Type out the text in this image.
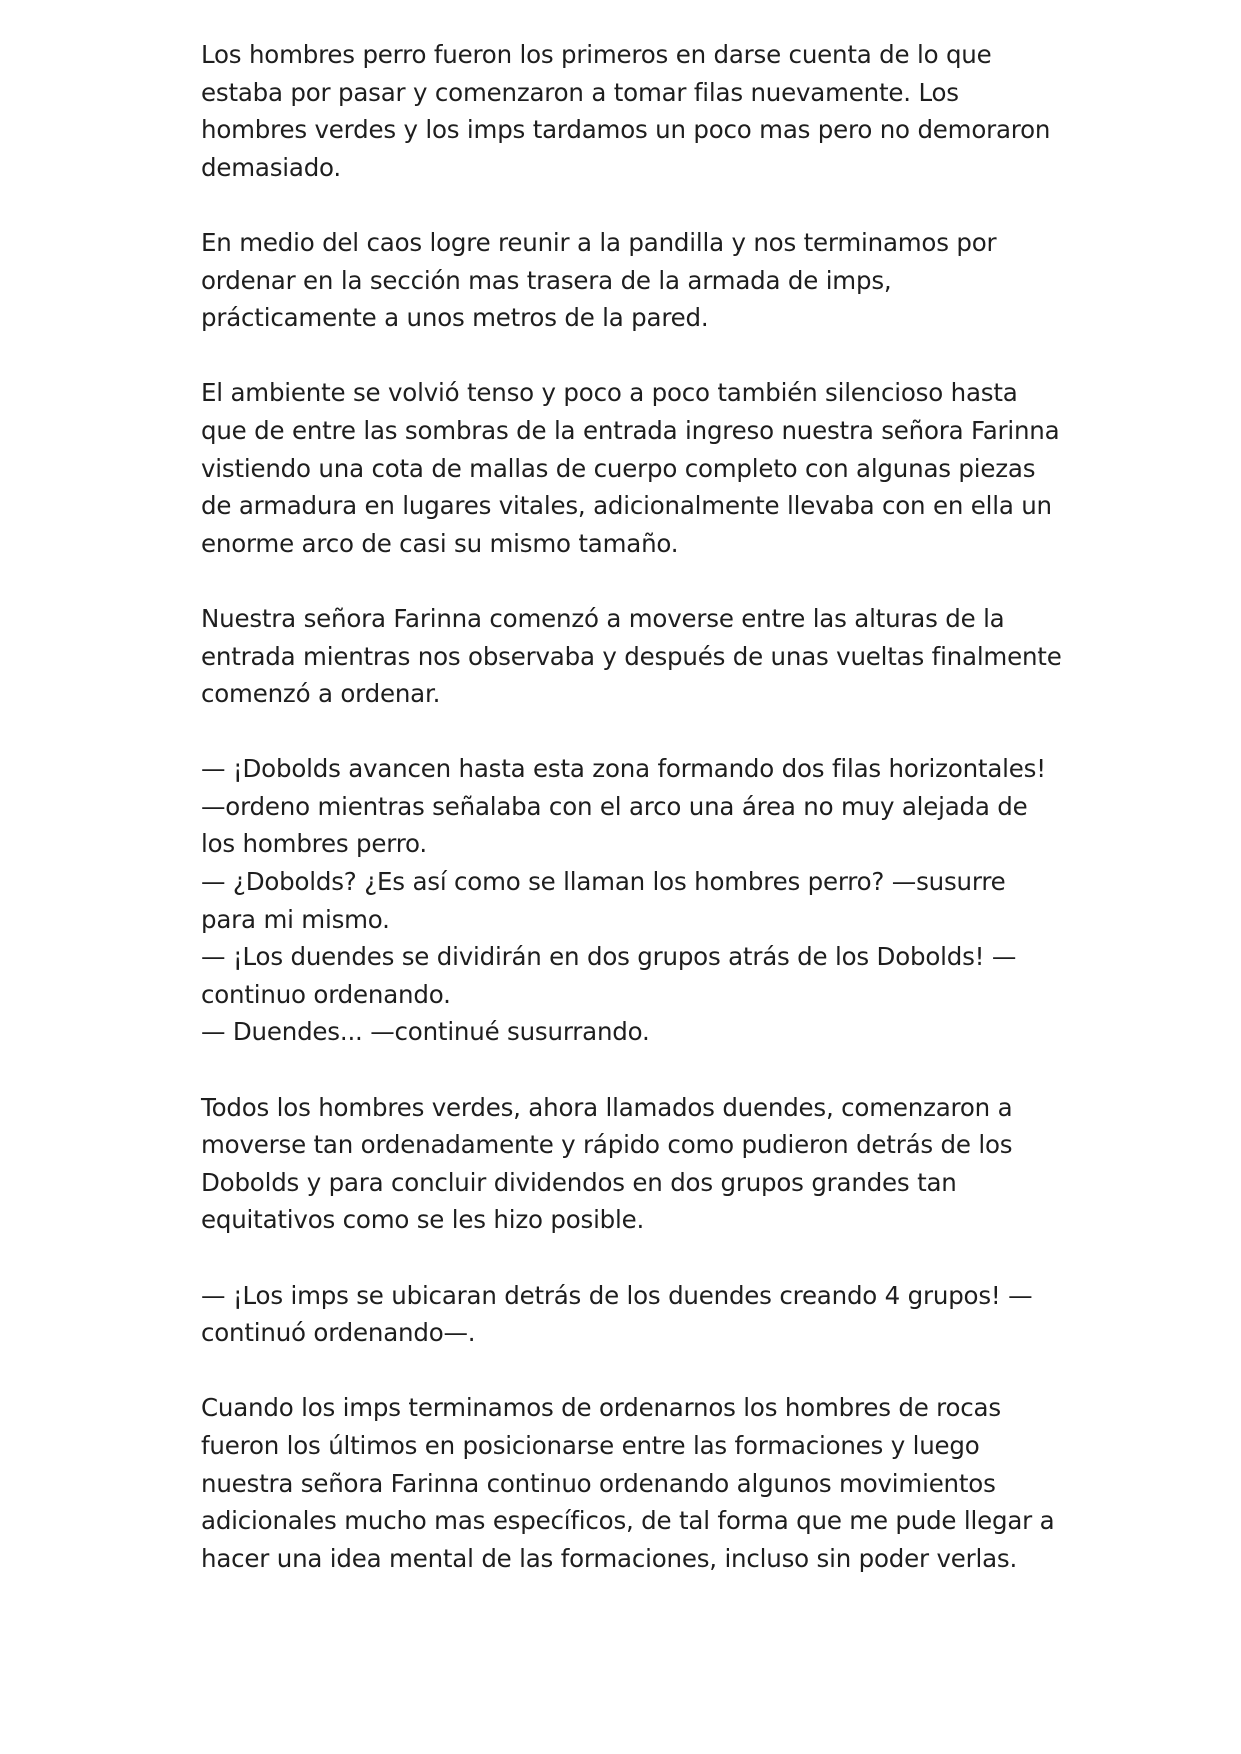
Los hombres perro fueron los primeros en darse cuenta de lo que
estaba por pasar y comenzaron a tomar filas nuevamente. Los
hombres verdes y los imps tardamos un poco mas pero no demoraron
demasiado.

En medio del caos logre reunir a la pandilla y nos terminamos por
ordenar en la sección mas trasera de la armada de imps,
prácticamente a unos metros de la pared.

El ambiente se volvió tenso y poco a poco también silencioso hasta
que de entre las sombras de la entrada ingreso nuestra señora Farinna
vistiendo una cota de mallas de cuerpo completo con algunas piezas
de armadura en lugares vitales, adicionalmente llevaba con en ella un
enorme arco de casi su mismo tamaño.

Nuestra señora Farinna comenzó a moverse entre las alturas de la
entrada mientras nos observaba y después de unas vueltas finalmente
comenzó a ordenar.

— ¡Dobolds avancen hasta esta zona formando dos filas horizontales!
—ordeno mientras señalaba con el arco una área no muy alejada de
los hombres perro.
— ¿Dobolds? ¿Es así como se llaman los hombres perro? —susurre
para mi mismo.
— ¡Los duendes se dividirán en dos grupos atrás de los Dobolds! —
continuo ordenando.
— Duendes... —continué susurrando.

Todos los hombres verdes, ahora llamados duendes, comenzaron a
moverse tan ordenadamente y rápido como pudieron detrás de los
Dobolds y para concluir dividendos en dos grupos grandes tan
equitativos como se les hizo posible.

— ¡Los imps se ubicaran detrás de los duendes creando 4 grupos! —
continuó ordenando—.

Cuando los imps terminamos de ordenarnos los hombres de rocas
fueron los últimos en posicionarse entre las formaciones y luego
nuestra señora Farinna continuo ordenando algunos movimientos
adicionales mucho mas específicos, de tal forma que me pude llegar a
hacer una idea mental de las formaciones, incluso sin poder verlas.
